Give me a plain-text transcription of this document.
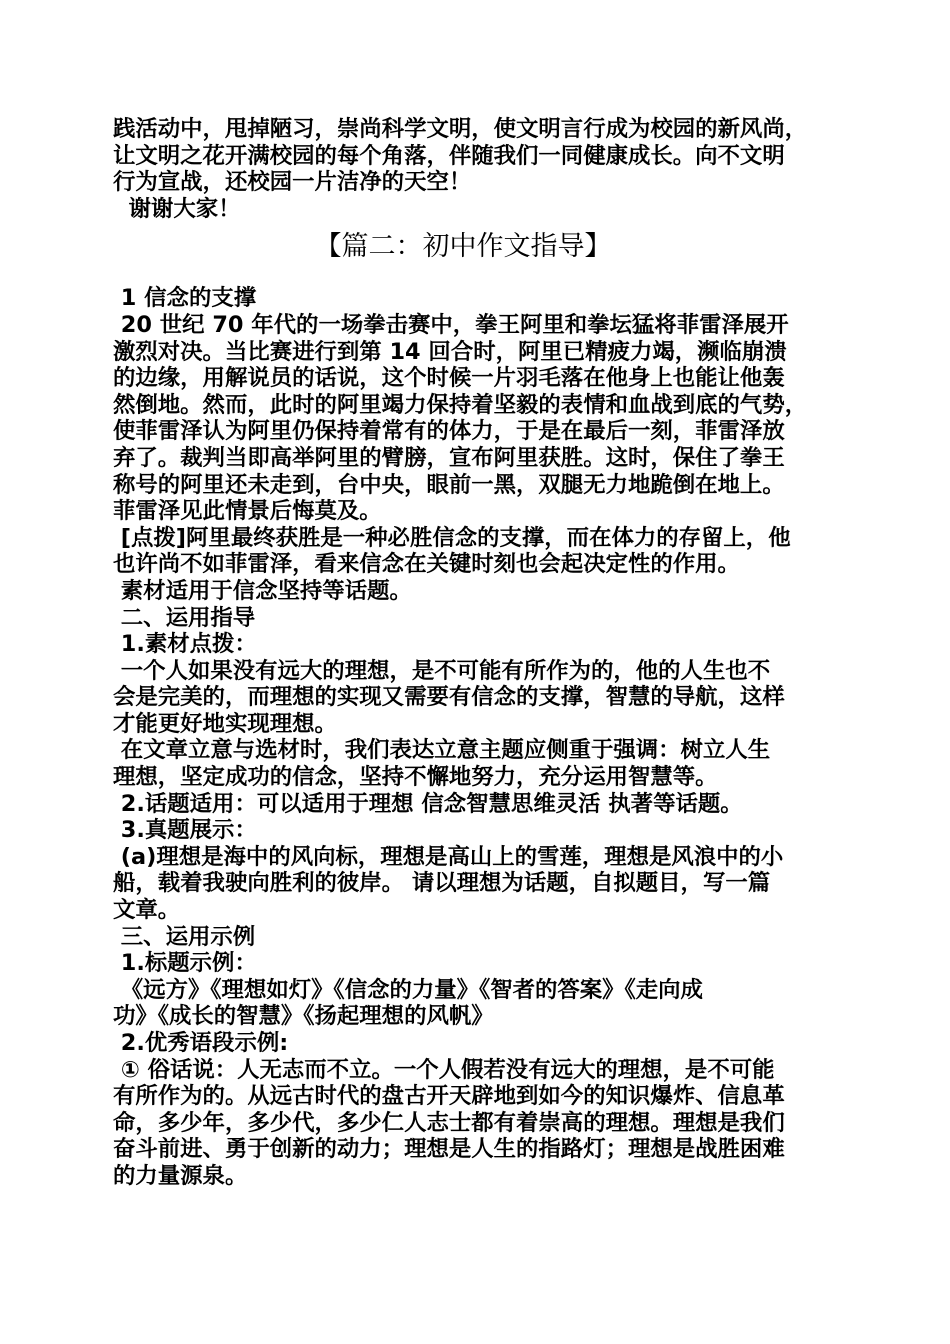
践活动中，甩掉陋习，崇尚科学文明，使文明言行成为校园的新风尚，

让文明之花开满校园的每个角落，伴随我们一同健康成长。向不文明

行为宣战，还校园一片洁净的天空！

谢谢大家！

【篇二：初中作文指导】

1 信念的支撑

20 世纪 70 年代的一场拳击赛中，拳王阿里和拳坛猛将菲雷泽展开

激烈对决。当比赛进行到第 14 回合时，阿里已精疲力竭，濒临崩溃

的边缘，用解说员的话说，这个时候一片羽毛落在他身上也能让他轰

然倒地。然而，此时的阿里竭力保持着坚毅的表情和血战到底的气势，

使菲雷泽认为阿里仍保持着常有的体力，于是在最后一刻，菲雷泽放

弃了。裁判当即高举阿里的臂膀，宣布阿里获胜。这时，保住了拳王

称号的阿里还未走到，台中央，眼前一黑，双腿无力地跪倒在地上。

菲雷泽见此情景后悔莫及。

[点拨]阿里最终获胜是一种必胜信念的支撑，而在体力的存留上，他

也许尚不如菲雷泽，看来信念在关键时刻也会起决定性的作用。

素材适用于信念坚持等话题。

二、运用指导

1.素材点拨：

一个人如果没有远大的理想，是不可能有所作为的，他的人生也不

会是完美的，而理想的实现又需要有信念的支撑，智慧的导航，这样

才能更好地实现理想。

在文章立意与选材时，我们表达立意主题应侧重于强调：树立人生

理想，坚定成功的信念，坚持不懈地努力，充分运用智慧等。

2.话题适用：可以适用于理想 信念智慧思维灵活 执著等话题。

3.真题展示：

(a)理想是海中的风向标，理想是高山上的雪莲，理想是风浪中的小

船，载着我驶向胜利的彼岸。 请以理想为话题，自拟题目，写一篇

文章。

三、运用示例

1.标题示例：

《远方》《理想如灯》《信念的力量》《智者的答案》《走向成

功》《成长的智慧》《扬起理想的风帆》

2.优秀语段示例:

① 俗话说：人无志而不立。一个人假若没有远大的理想，是不可能

有所作为的。从远古时代的盘古开天辟地到如今的知识爆炸、信息革

命，多少年，多少代，多少仁人志士都有着崇高的理想。理想是我们

奋斗前进、勇于创新的动力；理想是人生的指路灯；理想是战胜困难

的力量源泉。
